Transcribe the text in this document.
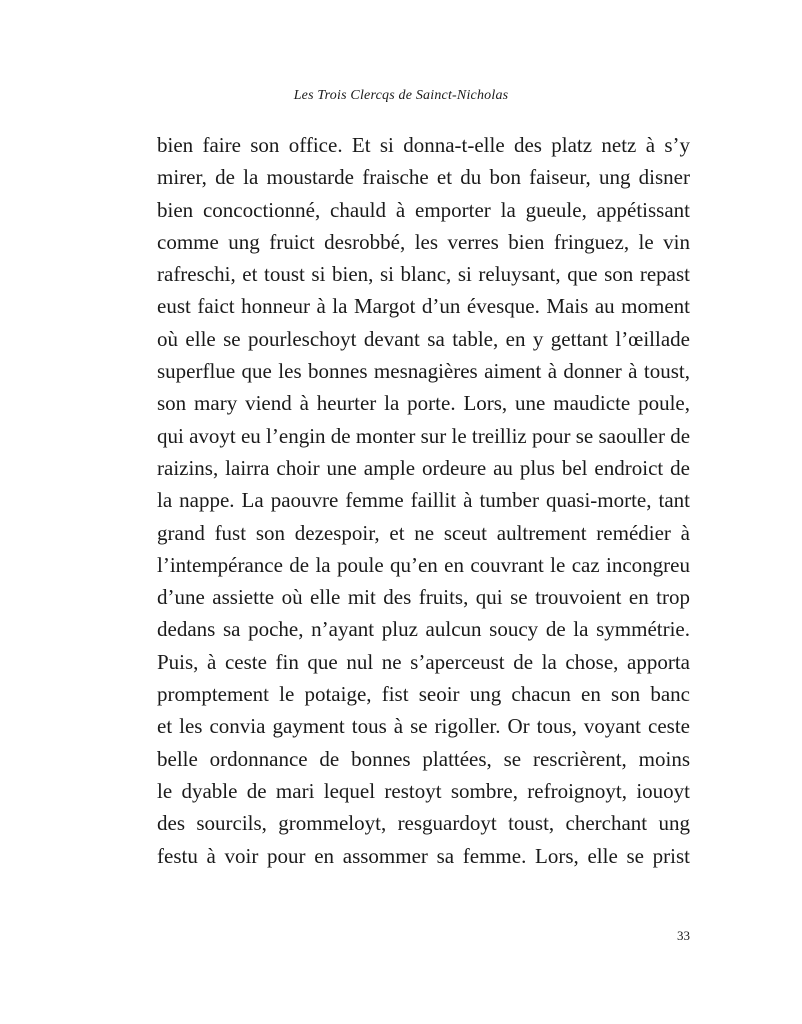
Les Trois Clercqs de Sainct-Nicholas
bien faire son office. Et si donna-t-elle des platz netz à s’y
mirer, de la moustarde fraische et du bon faiseur, ung disner
bien concoctionné, chauld à emporter la gueule, appétissant
comme ung fruict desrobbé, les verres bien fringuez, le vin
rafreschi, et toust si bien, si blanc, si reluysant, que son repast
eust faict honneur à la Margot d’un évesque. Mais au moment
où elle se pourleschoyt devant sa table, en y gettant l’œillade
superflue que les bonnes mesnagières aiment à donner à toust,
son mary viend à heurter la porte. Lors, une maudicte poule,
qui avoyt eu l’engin de monter sur le treilliz pour se saouller de
raizins, lairra choir une ample ordeure au plus bel endroict de
la nappe. La paouvre femme faillit à tumber quasi-morte, tant
grand fust son dezespoir, et ne sceut aultrement remédier à
l’intempérance de la poule qu’en en couvrant le caz incongreu
d’une assiette où elle mit des fruits, qui se trouvoient en trop
dedans sa poche, n’ayant pluz aulcun soucy de la symmétrie.
Puis, à ceste fin que nul ne s’aperceust de la chose, apporta
promptement le potaige, fist seoir ung chacun en son banc
et les convia gayment tous à se rigoller. Or tous, voyant ceste
belle ordonnance de bonnes plattées, se rescrièrent, moins
le dyable de mari lequel restoyt sombre, refroignoyt, iouoyt
des sourcils, grommeloyt, resguardoyt toust, cherchant ung
festu à voir pour en assommer sa femme. Lors, elle se prist
33
